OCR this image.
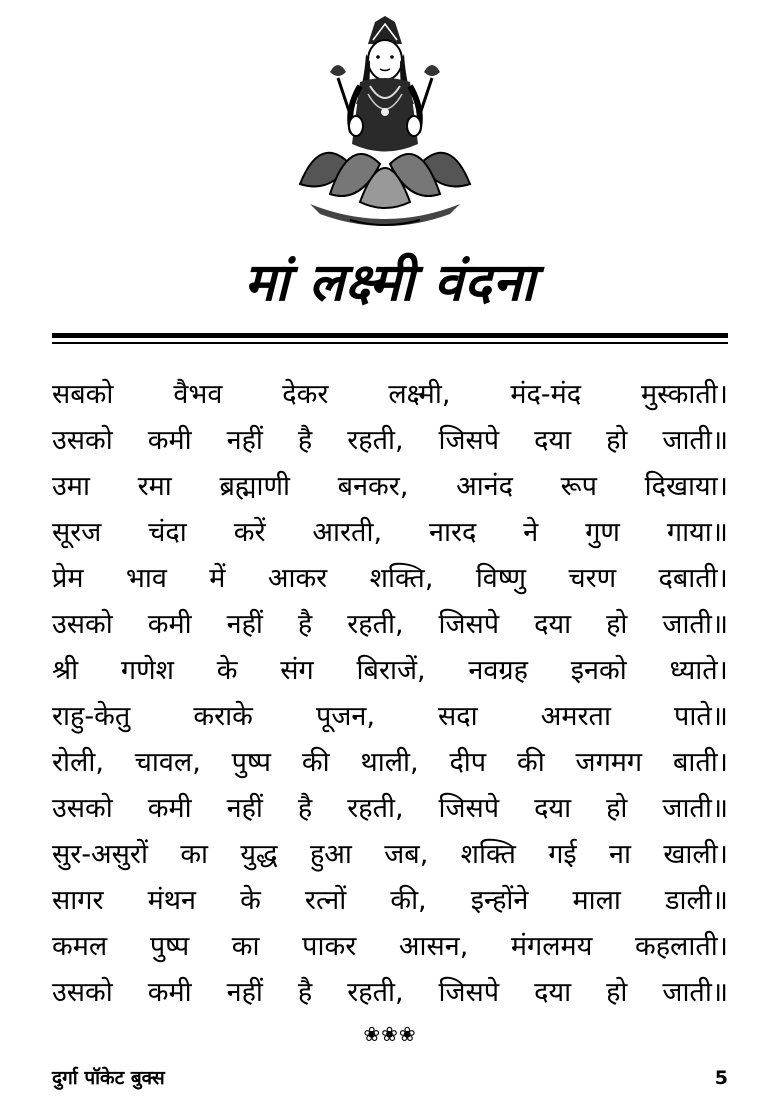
मां लक्ष्मी वंदना
सबको वैभव देकर लक्ष्मी, मंद-मंद मुस्काती।
उसको कमी नहीं है रहती, जिसपे दया हो जाती॥
उमा रमा ब्रह्माणी बनकर, आनंद रूप दिखाया।
सूरज चंदा करें आरती, नारद ने गुण गाया॥
प्रेम भाव में आकर शक्ति, विष्णु चरण दबाती।
उसको कमी नहीं है रहती, जिसपे दया हो जाती॥
श्री गणेश के संग बिराजें, नवग्रह इनको ध्याते।
राहु-केतु कराके पूजन, सदा अमरता पाते॥
रोली, चावल, पुष्प की थाली, दीप की जगमग बाती।
उसको कमी नहीं है रहती, जिसपे दया हो जाती॥
सुर-असुरों का युद्ध हुआ जब, शक्ति गई ना खाली।
सागर मंथन के रत्नों की, इन्होंने माला डाली॥
कमल पुष्प का पाकर आसन, मंगलमय कहलाती।
उसको कमी नहीं है रहती, जिसपे दया हो जाती॥
❀❀❀
दुर्गा पॉकेट बुक्स	5
